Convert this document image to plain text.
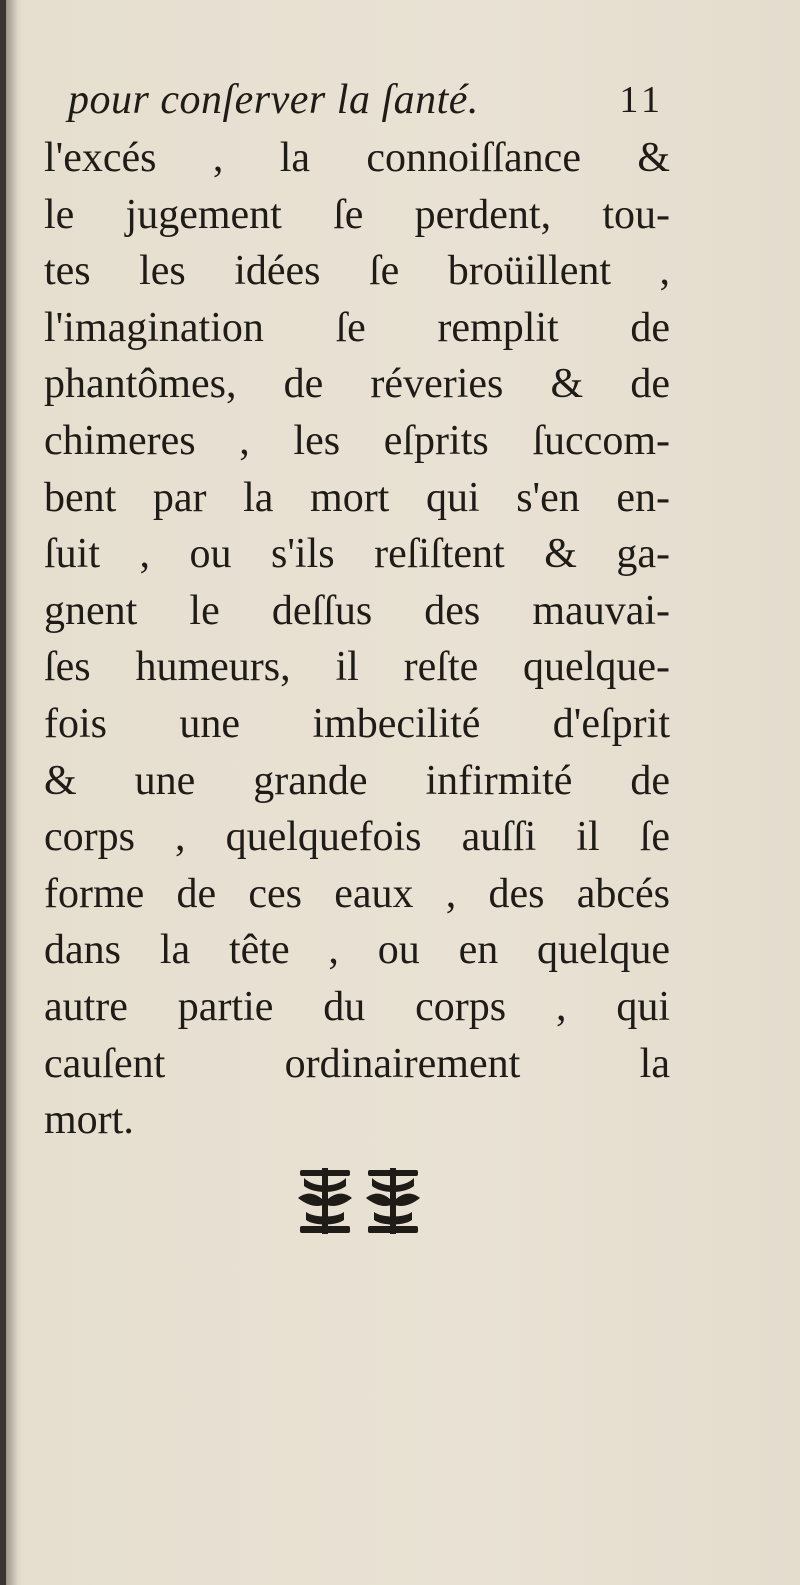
pour conſerver la ſanté.	11
l'excés , la connoiſſance &
le jugement ſe perdent, tou-
tes les idées ſe broüillent ,
l'imagination ſe remplit de
phantômes, de réveries & de
chimeres , les eſprits ſuccom-
bent par la mort qui s'en en-
ſuit , ou s'ils reſiſtent & ga-
gnent le deſſus des mauvai-
ſes humeurs, il reſte quelque-
fois une imbecilité d'eſprit
& une grande infirmité de
corps , quelquefois auſſi il ſe
forme de ces eaux , des abcés
dans la tête , ou en quelque
autre partie du corps , qui
cauſent ordinairement la
mort.
